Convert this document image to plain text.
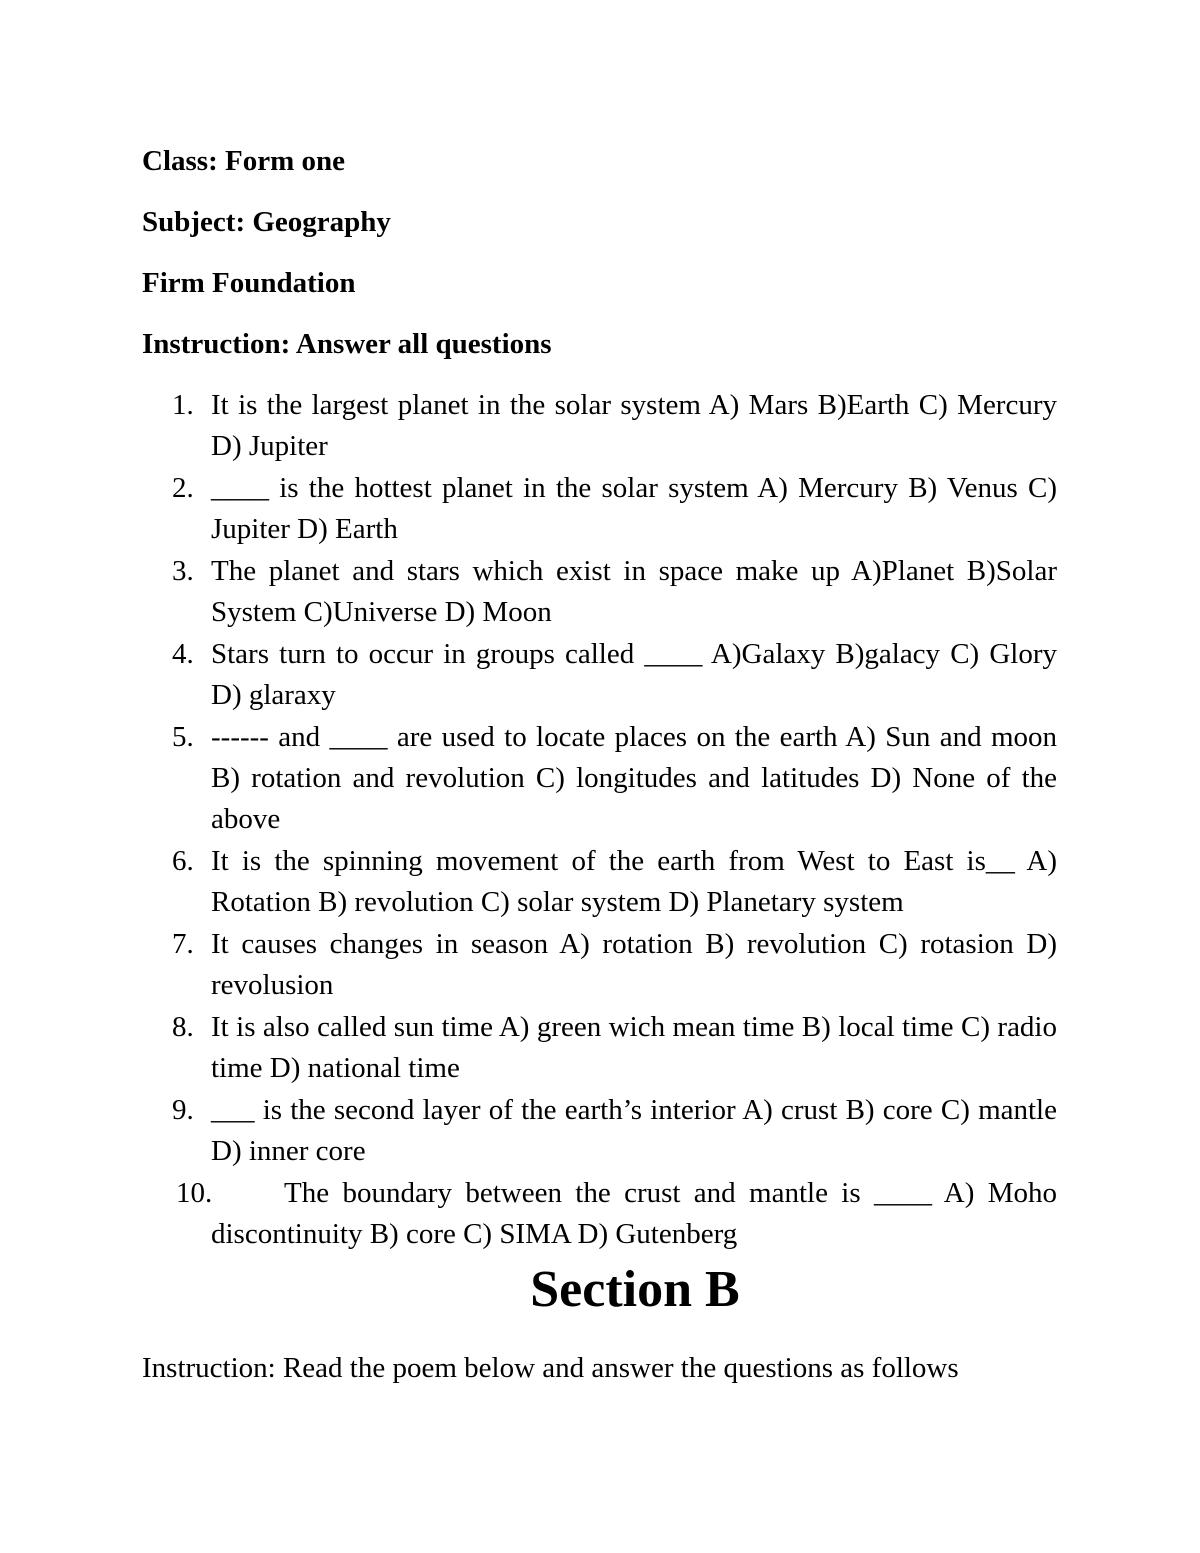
Class: Form one
Subject: Geography
Firm Foundation
Instruction: Answer all questions
1. It is the largest planet in the solar system A) Mars B)Earth C) Mercury D) Jupiter
2. ____ is the hottest planet in the solar system A) Mercury B) Venus C) Jupiter D) Earth
3. The planet and stars which exist in space make up A)Planet B)Solar System C)Universe D) Moon
4. Stars turn to occur in groups called ____ A)Galaxy B)galacy C) Glory D) glaraxy
5. ------ and ____ are used to locate places on the earth A) Sun and moon B) rotation and revolution C) longitudes and latitudes D) None of the above
6. It is the spinning movement of the earth from West to East is__ A) Rotation B) revolution C) solar system D) Planetary system
7. It causes changes in season A) rotation B) revolution C) rotasion D) revolusion
8. It is also called sun time A) green wich mean time B) local time C) radio time D) national time
9. ___ is the second layer of the earth’s interior A) crust B) core C) mantle D) inner core
10.	The boundary between the crust and mantle is ____ A) Moho discontinuity B) core C) SIMA D) Gutenberg
Section B
Instruction: Read the poem below and answer the questions as follows
